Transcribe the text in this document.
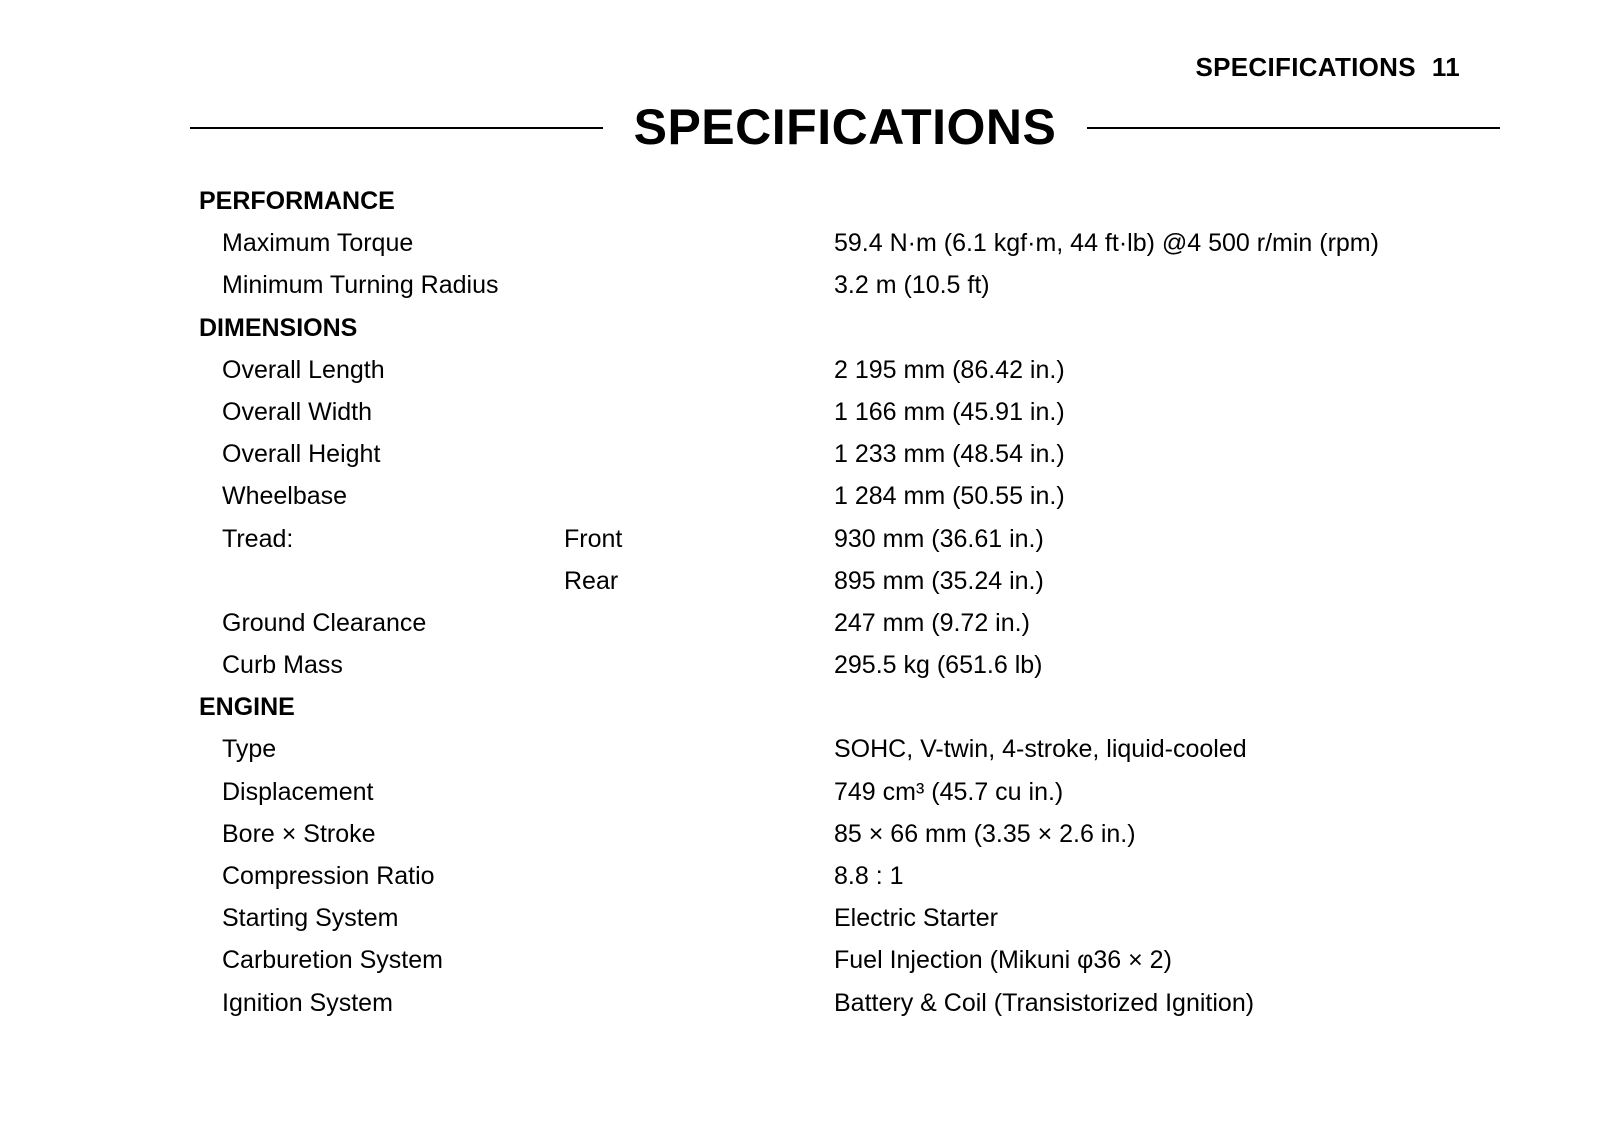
SPECIFICATIONS 11
SPECIFICATIONS
PERFORMANCE
Maximum Torque	59.4 N·m (6.1 kgf·m, 44 ft·lb) @4 500 r/min (rpm)
Minimum Turning Radius	3.2 m (10.5 ft)
DIMENSIONS
Overall Length	2 195 mm (86.42 in.)
Overall Width	1 166 mm (45.91 in.)
Overall Height	1 233 mm (48.54 in.)
Wheelbase	1 284 mm (50.55 in.)
Tread:	Front	930 mm (36.61 in.)
Rear	895 mm (35.24 in.)
Ground Clearance	247 mm (9.72 in.)
Curb Mass	295.5 kg (651.6 lb)
ENGINE
Type	SOHC, V-twin, 4-stroke, liquid-cooled
Displacement	749 cm³ (45.7 cu in.)
Bore × Stroke	85 × 66 mm (3.35 × 2.6 in.)
Compression Ratio	8.8 : 1
Starting System	Electric Starter
Carburetion System	Fuel Injection (Mikuni φ36 × 2)
Ignition System	Battery & Coil (Transistorized Ignition)
